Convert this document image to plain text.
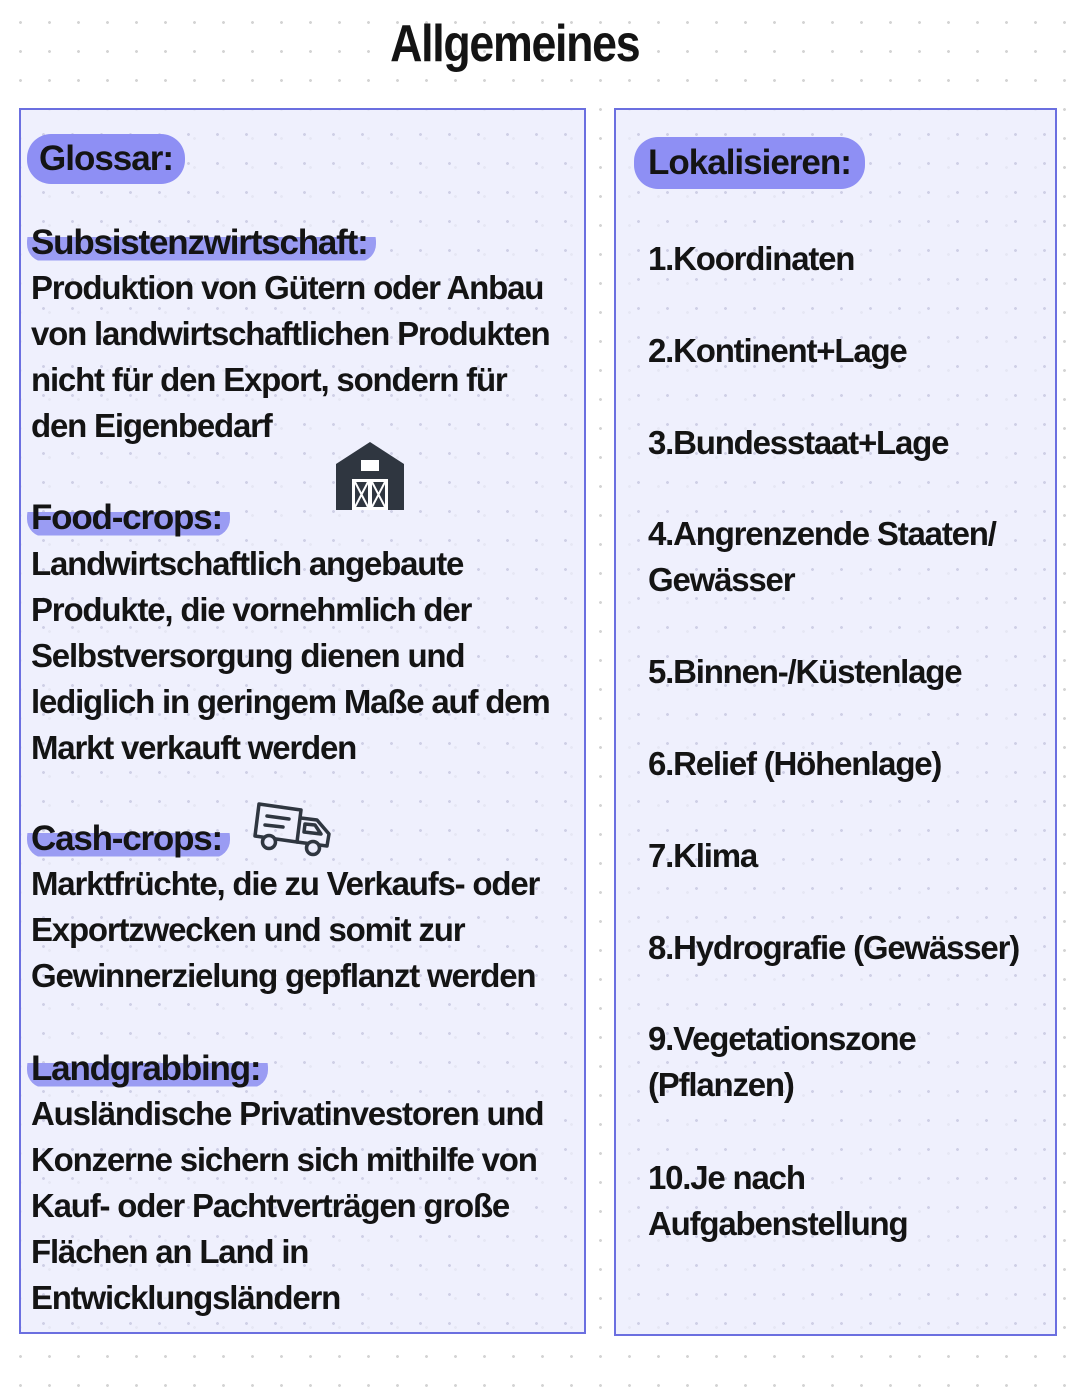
Allgemeines
Glossar:
Subsistenzwirtschaft:
Produktion von Gütern oder Anbau
von landwirtschaftlichen Produkten
nicht für den Export, sondern für
den Eigenbedarf
Food-crops:
Landwirtschaftlich angebaute
Produkte, die vornehmlich der
Selbstversorgung dienen und
lediglich in geringem Maße auf dem
Markt verkauft werden
Cash-crops:
Marktfrüchte, die zu Verkaufs- oder
Exportzwecken und somit zur
Gewinnerzielung gepflanzt werden
Landgrabbing:
Ausländische Privatinvestoren und
Konzerne sichern sich mithilfe von
Kauf- oder Pachtverträgen große
Flächen an Land in
Entwicklungsländern
Lokalisieren:
1.Koordinaten
2.Kontinent+Lage
3.Bundesstaat+Lage
4.Angrenzende Staaten/
Gewässer
5.Binnen-/Küstenlage
6.Relief (Höhenlage)
7.Klima
8.Hydrografie (Gewässer)
9.Vegetationszone
(Pflanzen)
10.Je nach
Aufgabenstellung
